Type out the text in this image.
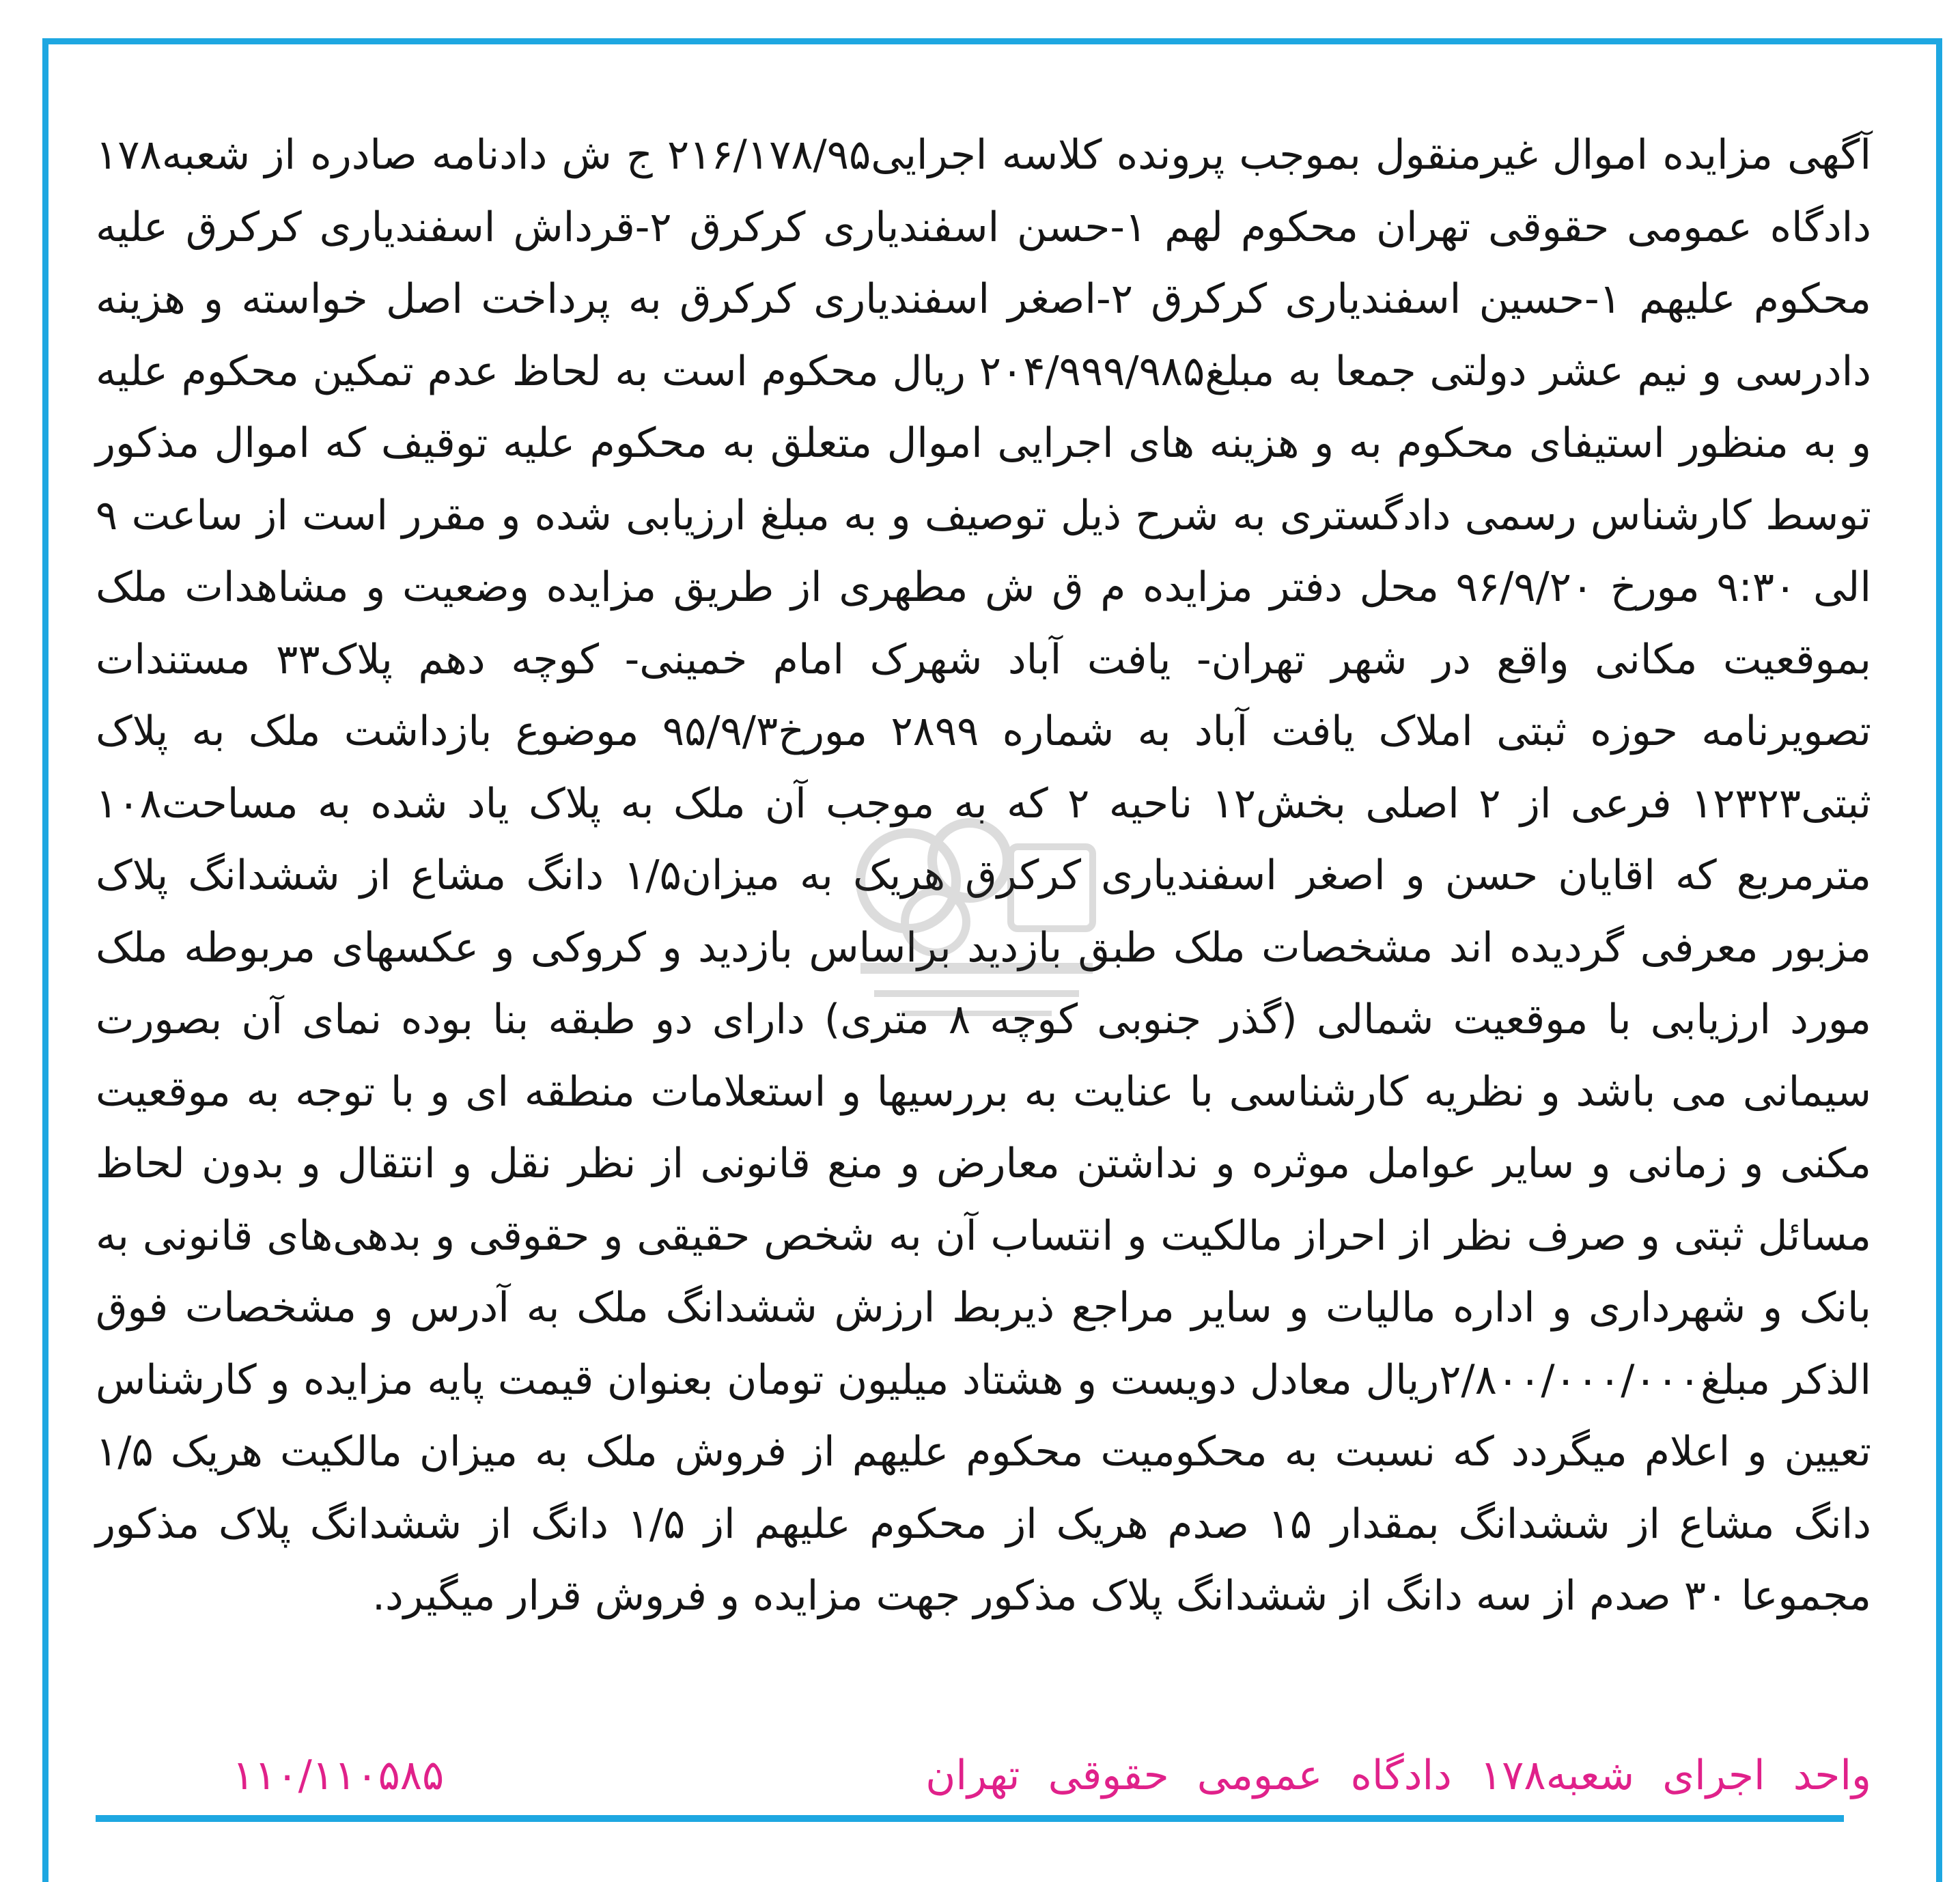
آگهی مزایده اموال غیرمنقول بموجب پرونده کلاسه اجرایی۲۱۶/۱۷۸/۹۵ ج ش دادنامه صادره از شعبه۱۷۸ دادگاه عمومی حقوقی تهران محکوم لهم ۱-حسن اسفندیاری کرکرق ۲-قرداش اسفندیاری کرکرق علیه محکوم علیهم ۱-حسین اسفندیاری کرکرق ۲-اصغر اسفندیاری کرکرق به پرداخت اصل خواسته و هزینه دادرسی و نیم عشر دولتی جمعا به مبلغ۲۰۴/۹۹۹/۹۸۵ ریال محکوم است به لحاظ عدم تمکین محکوم علیه و به منظور استیفای محکوم به و هزینه های اجرایی اموال متعلق به محکوم علیه توقیف که اموال مذکور توسط کارشناس رسمی دادگستری به شرح ذیل توصیف و به مبلغ ارزیابی شده و مقرر است از ساعت ۹ الی ۹:۳۰ مورخ ۹۶/۹/۲۰ محل دفتر مزایده م ق ش مطهری از طریق مزایده وضعیت و مشاهدات ملک بموقعیت مکانی واقع در شهر تهران- یافت آباد شهرک امام خمینی- کوچه دهم پلاک۳۳ مستندات تصویرنامه حوزه ثبتی املاک یافت آباد به شماره ۲۸۹۹ مورخ۹۵/۹/۳ موضوع بازداشت ملک به پلاک ثبتی۱۲۳۲۳ فرعی از ۲ اصلی بخش۱۲ ناحیه ۲ که به موجب آن ملک به پلاک یاد شده به مساحت۱۰۸ مترمربع که اقایان حسن و اصغر اسفندیاری کرکرق هریک به میزان۱/۵ دانگ مشاع از ششدانگ پلاک مزبور معرفی گردیده اند مشخصات ملک طبق بازدید براساس بازدید و کروکی و عکسهای مربوطه ملک مورد ارزیابی با موقعیت شمالی (گذر جنوبی کوچه ۸ متری) دارای دو طبقه بنا بوده نمای آن بصورت سیمانی می باشد و نظریه کارشناسی با عنایت به بررسیها و استعلامات منطقه ای و با توجه به موقعیت مکنی و زمانی و سایر عوامل موثره و نداشتن معارض و منع قانونی از نظر نقل و انتقال و بدون لحاظ مسائل ثبتی و صرف نظر از احراز مالکیت و انتساب آن به شخص حقیقی و حقوقی و بدهی‌های قانونی به بانک و شهرداری و اداره مالیات و سایر مراجع ذیربط ارزش ششدانگ ملک به آدرس و مشخصات فوق الذکر مبلغ۲/۸۰۰/۰۰۰/۰۰۰ریال معادل دویست و هشتاد میلیون تومان بعنوان قیمت پایه مزایده و کارشناس تعیین و اعلام میگردد که نسبت به محکومیت محکوم علیهم از فروش ملک به میزان مالکیت هریک ۱/۵ دانگ مشاع از ششدانگ بمقدار ۱۵ صدم هریک از محکوم علیهم از ۱/۵ دانگ از ششدانگ پلاک مذکور مجموعا ۳۰ صدم از سه دانگ از ششدانگ پلاک مذکور جهت مزایده و فروش قرار میگیرد.

واحد اجرای شعبه۱۷۸ دادگاه عمومی حقوقی تهران
۱۱۰/۱۱۰۵۸۵
